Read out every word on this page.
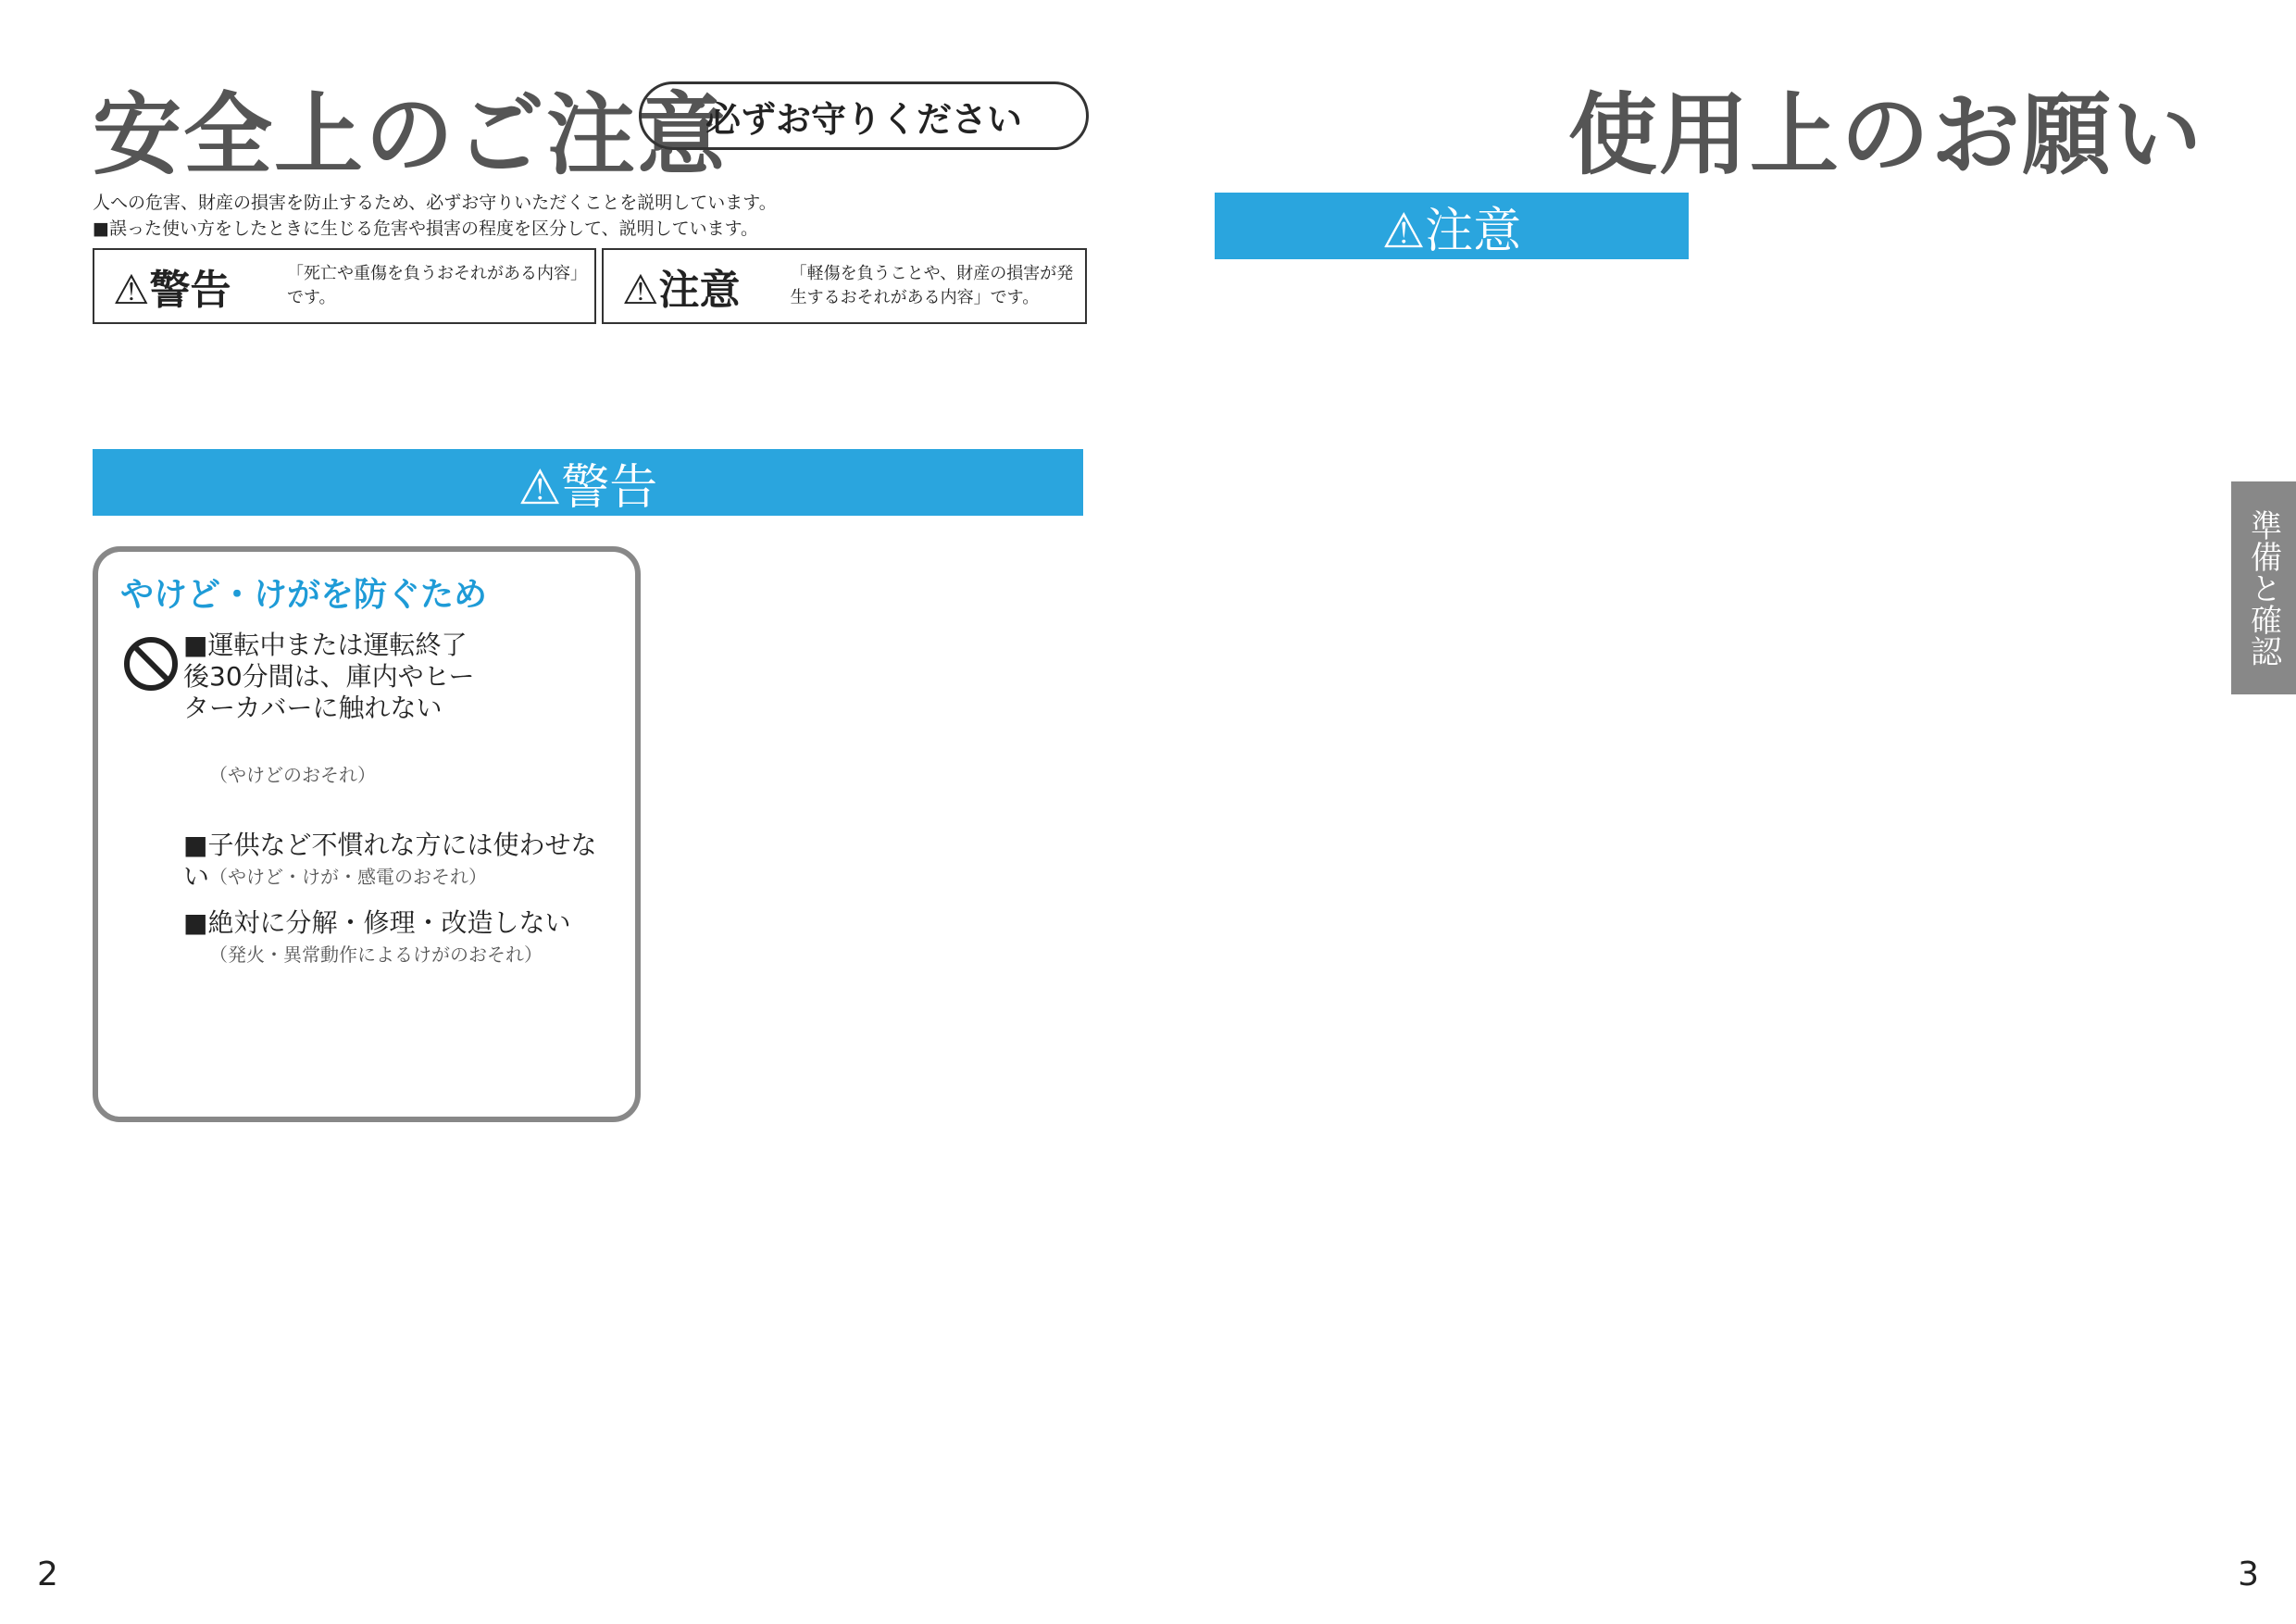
安全上のご注意
必ずお守りください	使用上のお願い
人への危害、財産の損害を防止するため、必ずお守りいただくことを説明しています。
■誤った使い方をしたときに生じる危害や損害の程度を区分して、説明しています。
⚠警告	「死亡や重傷を負うおそれがある内容」です。	⚠注意	「軽傷を負うことや、財産の損害が発生するおそれがある内容」です。
⚠警告
⚠注意
やけど・けがを防ぐため
■運転中または運転終了後30分間は、庫内やヒーターカバーに触れない
（やけどのおそれ）
■子供など不慣れな方には使わせない （やけど・けが・感電のおそれ）
■絶対に分解・修理・改造しない
（発火・異常動作によるけがのおそれ）
準備と確認
2	3
